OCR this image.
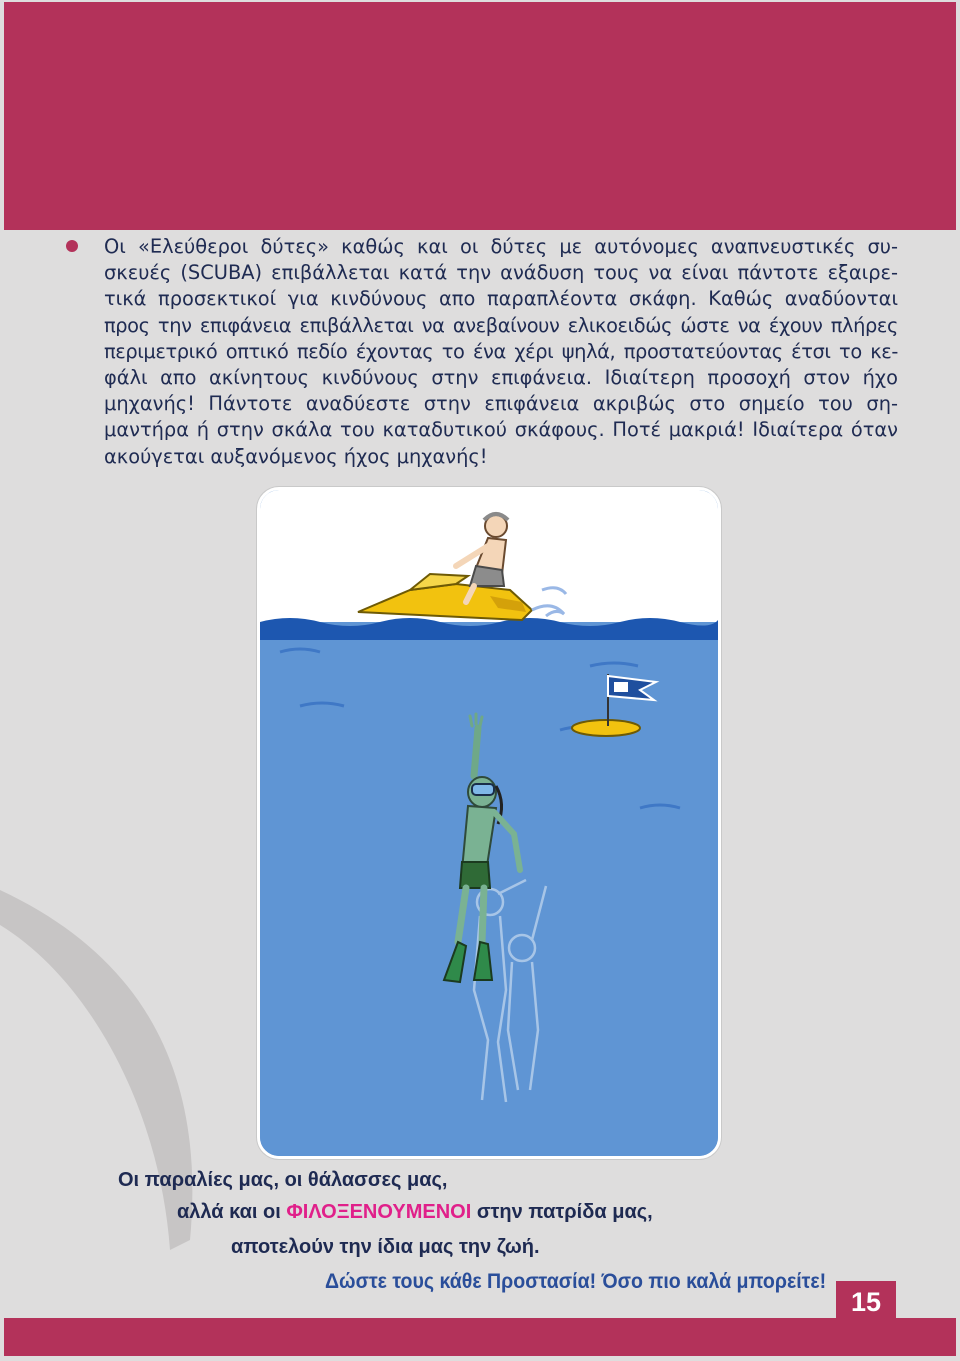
Οι «Ελεύθεροι δύτες» καθώς και οι δύτες με αυτόνομες αναπνευστικές συ-
σκευές (SCUBA) επιβάλλεται κατά την ανάδυση τους να είναι πάντοτε εξαιρε-
τικά προσεκτικοί για κινδύνους απο παραπλέοντα σκάφη. Καθώς αναδύονται
προς την επιφάνεια επιβάλλεται να ανεβαίνουν ελικοειδώς ώστε να έχουν πλήρες
περιμετρικό οπτικό πεδίο έχοντας το ένα χέρι ψηλά, προστατεύοντας έτσι το κε-
φάλι απο ακίνητους κινδύνους στην επιφάνεια. Ιδιαίτερη προσοχή στον ήχο
μηχανής! Πάντοτε αναδύεστε στην επιφάνεια ακριβώς στο σημείο του ση-
μαντήρα ή στην σκάλα του καταδυτικού σκάφους. Ποτέ μακριά! Ιδιαίτερα όταν
ακούγεται αυξανόμενος ήχος μηχανής!

Οι παραλίες μας, οι θάλασσες μας,

αλλά και οι ΦΙΛΟΞΕΝΟΥΜΕΝΟΙ στην πατρίδα μας,

αποτελούν την ίδια μας την ζωή.

Δώστε τους κάθε Προστασία! Όσο πιο καλά μπορείτε!

15
